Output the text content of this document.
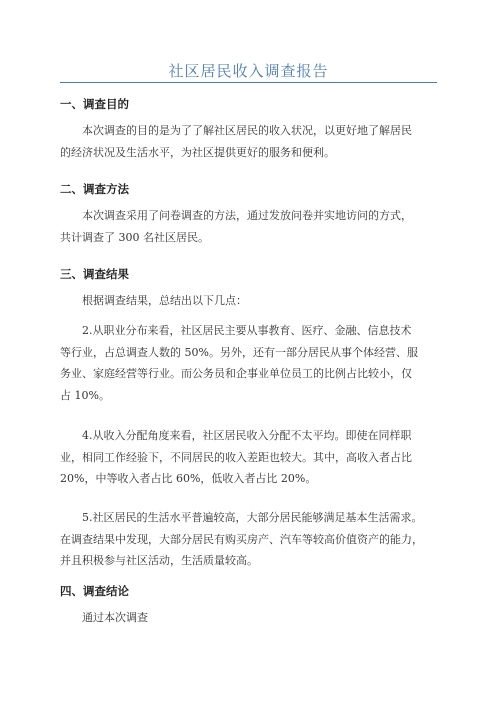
社区居民收入调查报告
一、调查目的

　　本次调查的目的是为了了解社区居民的收入状况，以更好地了解居民
的经济状况及生活水平，为社区提供更好的服务和便利。

二、调查方法

　　本次调查采用了问卷调查的方法，通过发放问卷并实地访问的方式，
共计调查了 300 名社区居民。

三、调查结果

　　根据调查结果，总结出以下几点：

　　2.从职业分布来看，社区居民主要从事教育、医疗、金融、信息技术
等行业，占总调查人数的 50%。另外，还有一部分居民从事个体经营、服
务业、家庭经营等行业。而公务员和企事业单位员工的比例占比较小，仅
占 10%。

　　4.从收入分配角度来看，社区居民收入分配不太平均。即使在同样职
业，相同工作经验下，不同居民的收入差距也较大。其中，高收入者占比
20%，中等收入者占比 60%，低收入者占比 20%。

　　5.社区居民的生活水平普遍较高，大部分居民能够满足基本生活需求。
在调查结果中发现，大部分居民有购买房产、汽车等较高价值资产的能力，
并且积极参与社区活动，生活质量较高。

四、调查结论

　　通过本次调查
